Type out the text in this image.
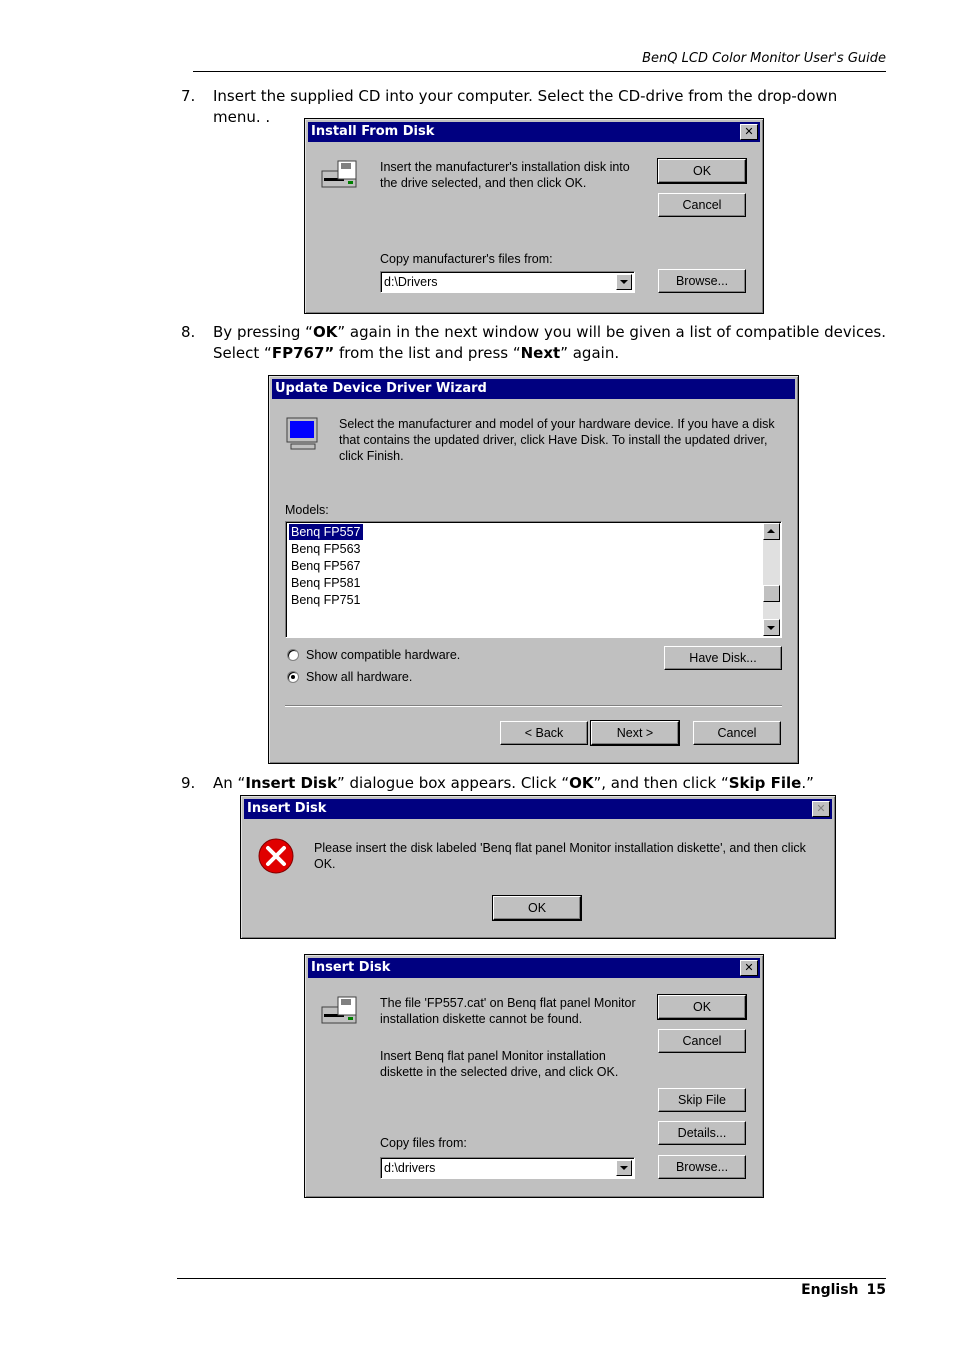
BenQ LCD Color Monitor User's Guide
7. Insert the supplied CD into your computer. Select the CD-drive from the drop-down menu. .
Install From Disk	✕
Insert the manufacturer's installation disk into the drive selected, and then click OK.
OK
Cancel
Copy manufacturer's files from:
d:\Drivers	Browse...
8. By pressing “OK” again in the next window you will be given a list of compatible devices. Select “FP767” from the list and press “Next” again.
Update Device Driver Wizard
Select the manufacturer and model of your hardware device. If you have a disk that contains the updated driver, click Have Disk. To install the updated driver, click Finish.
Models:
Benq FP557
Benq FP563
Benq FP567
Benq FP581
Benq FP751
Show compatible hardware.
Show all hardware.
Have Disk...
< Back	Next >	Cancel
9. An “Insert Disk” dialogue box appears. Click “OK”, and then click “Skip File.”
Insert Disk	✕
Please insert the disk labeled 'Benq flat panel Monitor installation diskette', and then click OK.
OK
Insert Disk	✕
The file 'FP557.cat' on Benq flat panel Monitor installation diskette cannot be found.
Insert Benq flat panel Monitor installation diskette in the selected drive, and click OK.
OK
Cancel
Skip File
Details...
Copy files from:
d:\drivers	Browse...
English 15
